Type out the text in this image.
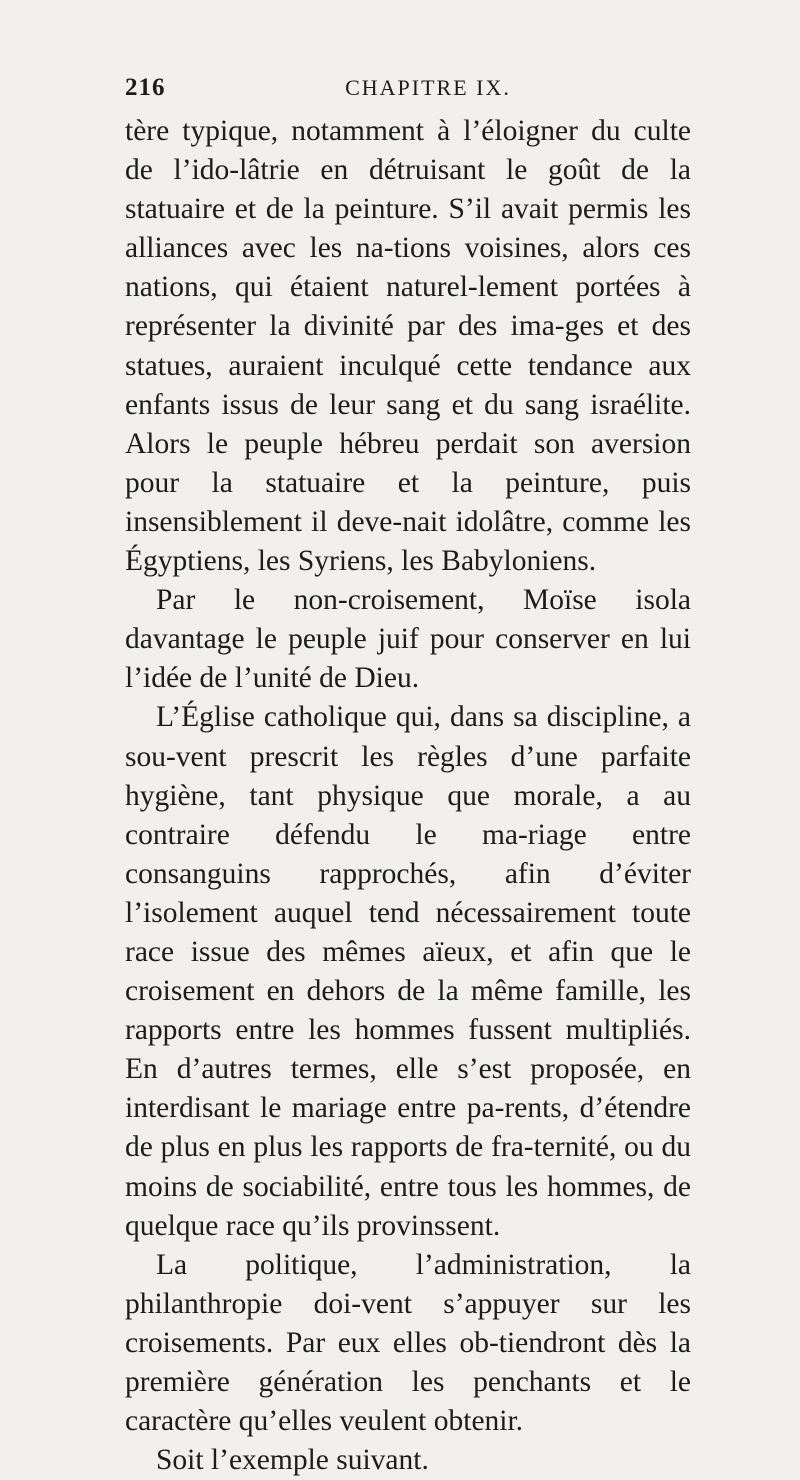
216	CHAPITRE IX.

tère typique, notamment à l’éloigner du culte de l’ido-lâtrie en détruisant le goût de la statuaire et de la peinture. S’il avait permis les alliances avec les na-tions voisines, alors ces nations, qui étaient naturel-lement portées à représenter la divinité par des ima-ges et des statues, auraient inculqué cette tendance aux enfants issus de leur sang et du sang israélite. Alors le peuple hébreu perdait son aversion pour la statuaire et la peinture, puis insensiblement il deve-nait idolâtre, comme les Égyptiens, les Syriens, les Babyloniens.

Par le non-croisement, Moïse isola davantage le peuple juif pour conserver en lui l’idée de l’unité de Dieu.

L’Église catholique qui, dans sa discipline, a sou-vent prescrit les règles d’une parfaite hygiène, tant physique que morale, a au contraire défendu le ma-riage entre consanguins rapprochés, afin d’éviter l’isolement auquel tend nécessairement toute race issue des mêmes aïeux, et afin que le croisement en dehors de la même famille, les rapports entre les hommes fussent multipliés. En d’autres termes, elle s’est proposée, en interdisant le mariage entre pa-rents, d’étendre de plus en plus les rapports de fra-ternité, ou du moins de sociabilité, entre tous les hommes, de quelque race qu’ils provinssent.

La politique, l’administration, la philanthropie doi-vent s’appuyer sur les croisements. Par eux elles ob-tiendront dès la première génération les penchants et le caractère qu’elles veulent obtenir.

Soit l’exemple suivant.
